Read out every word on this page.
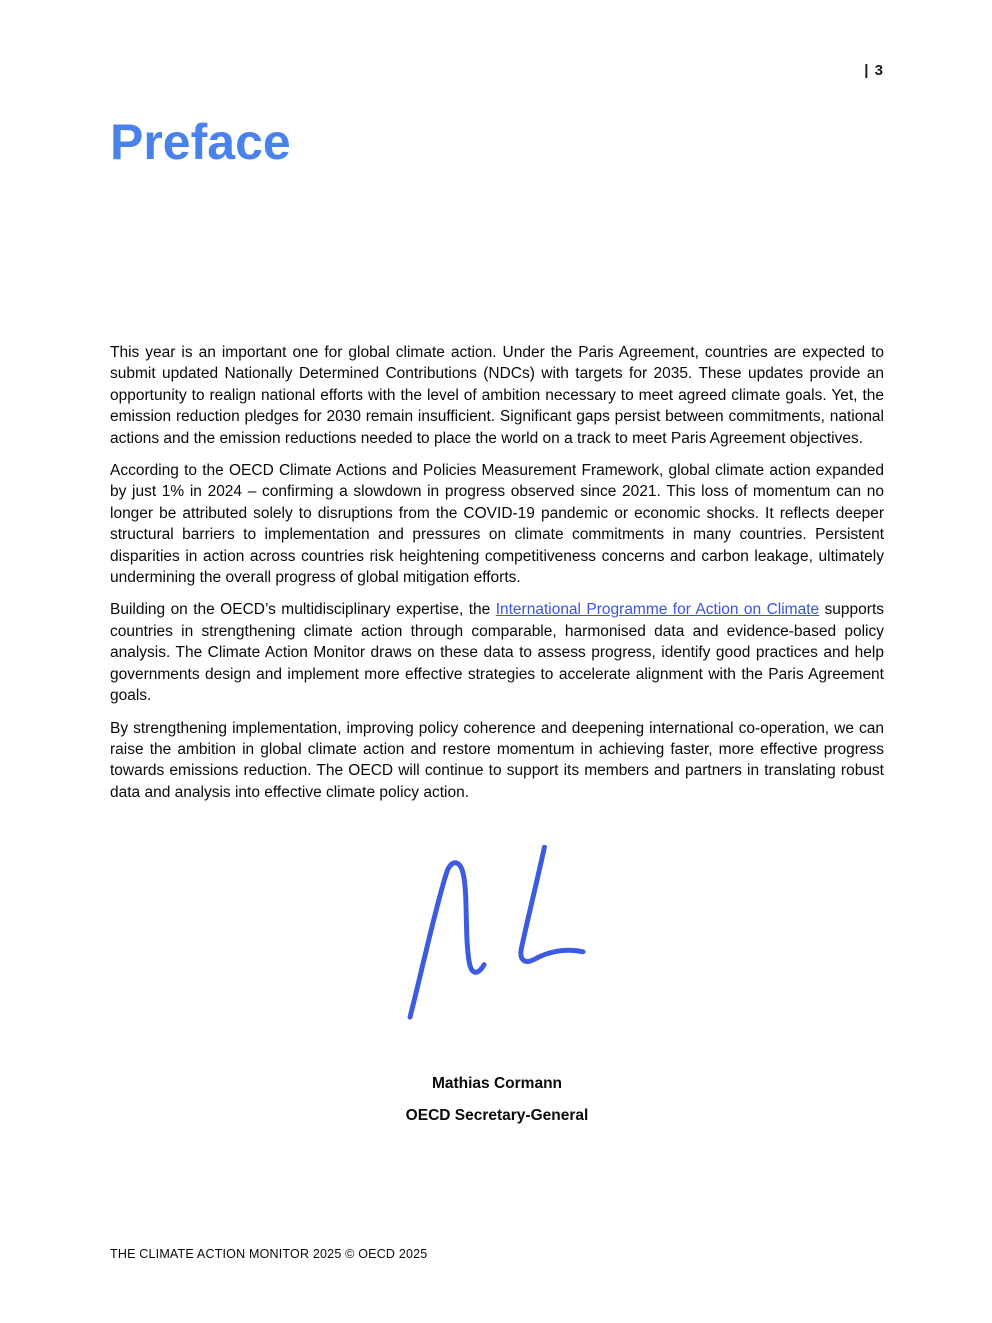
| 3
Preface

This year is an important one for global climate action. Under the Paris Agreement, countries are expected to submit updated Nationally Determined Contributions (NDCs) with targets for 2035. These updates provide an opportunity to realign national efforts with the level of ambition necessary to meet agreed climate goals. Yet, the emission reduction pledges for 2030 remain insufficient. Significant gaps persist between commitments, national actions and the emission reductions needed to place the world on a track to meet Paris Agreement objectives.

According to the OECD Climate Actions and Policies Measurement Framework, global climate action expanded by just 1% in 2024 – confirming a slowdown in progress observed since 2021. This loss of momentum can no longer be attributed solely to disruptions from the COVID-19 pandemic or economic shocks. It reflects deeper structural barriers to implementation and pressures on climate commitments in many countries. Persistent disparities in action across countries risk heightening competitiveness concerns and carbon leakage, ultimately undermining the overall progress of global mitigation efforts.

Building on the OECD’s multidisciplinary expertise, the International Programme for Action on Climate supports countries in strengthening climate action through comparable, harmonised data and evidence-based policy analysis. The Climate Action Monitor draws on these data to assess progress, identify good practices and help governments design and implement more effective strategies to accelerate alignment with the Paris Agreement goals.

By strengthening implementation, improving policy coherence and deepening international co-operation, we can raise the ambition in global climate action and restore momentum in achieving faster, more effective progress towards emissions reduction. The OECD will continue to support its members and partners in translating robust data and analysis into effective climate policy action.

Mathias Cormann
OECD Secretary-General
THE CLIMATE ACTION MONITOR 2025 © OECD 2025
